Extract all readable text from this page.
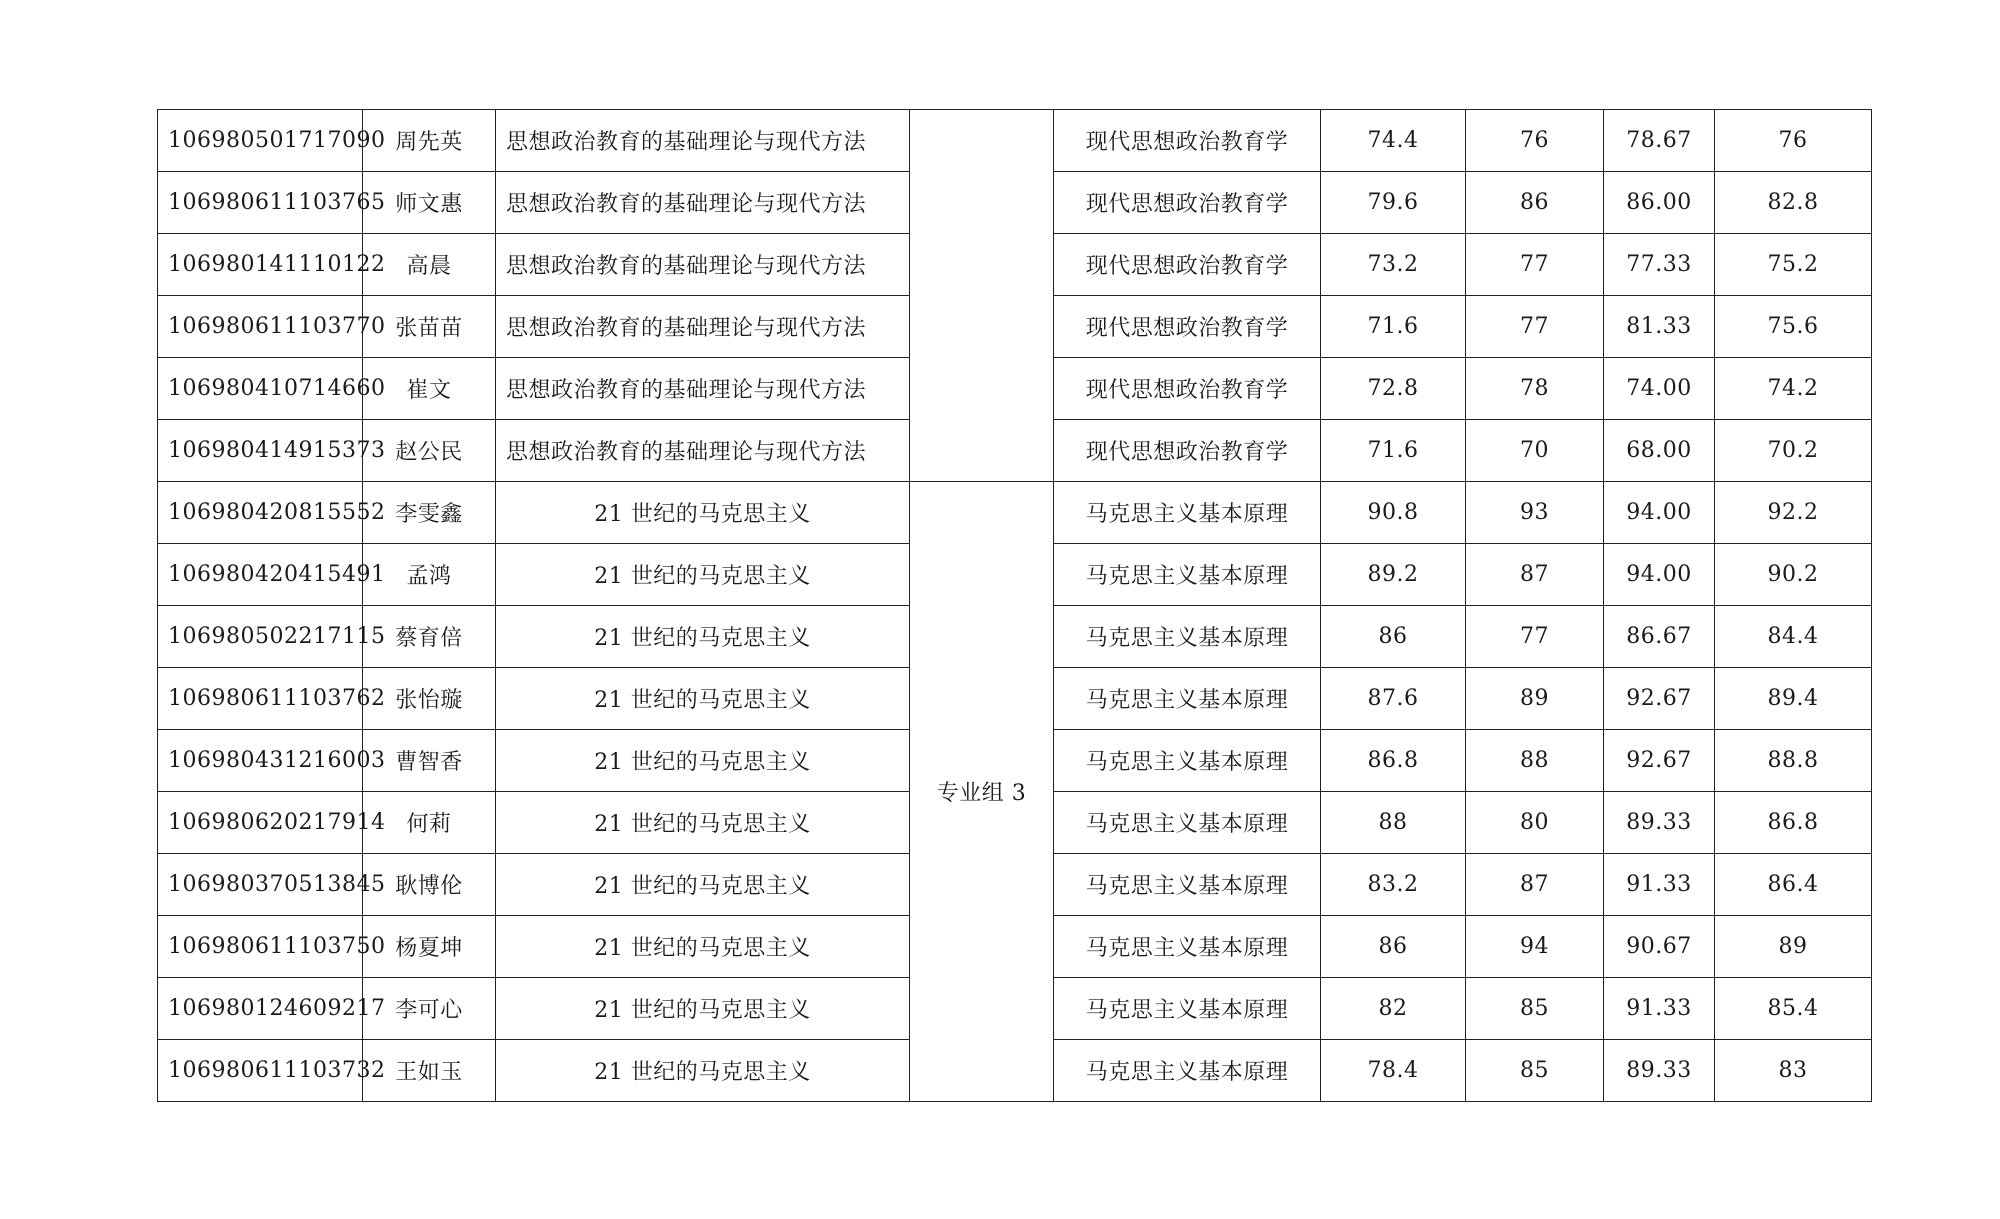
106980501717090	周先英	思想政治教育的基础理论与现代方法		现代思想政治教育学	74.4	76	78.67	76
106980611103765	师文惠	思想政治教育的基础理论与现代方法		现代思想政治教育学	79.6	86	86.00	82.8
106980141110122	高晨	思想政治教育的基础理论与现代方法		现代思想政治教育学	73.2	77	77.33	75.2
106980611103770	张苗苗	思想政治教育的基础理论与现代方法		现代思想政治教育学	71.6	77	81.33	75.6
106980410714660	崔文	思想政治教育的基础理论与现代方法		现代思想政治教育学	72.8	78	74.00	74.2
106980414915373	赵公民	思想政治教育的基础理论与现代方法		现代思想政治教育学	71.6	70	68.00	70.2
106980420815552	李雯鑫	21 世纪的马克思主义	专业组 3	马克思主义基本原理	90.8	93	94.00	92.2
106980420415491	孟鸿	21 世纪的马克思主义		马克思主义基本原理	89.2	87	94.00	90.2
106980502217115	蔡育倍	21 世纪的马克思主义		马克思主义基本原理	86	77	86.67	84.4
106980611103762	张怡璇	21 世纪的马克思主义		马克思主义基本原理	87.6	89	92.67	89.4
106980431216003	曹智香	21 世纪的马克思主义		马克思主义基本原理	86.8	88	92.67	88.8
106980620217914	何莉	21 世纪的马克思主义		马克思主义基本原理	88	80	89.33	86.8
106980370513845	耿博伦	21 世纪的马克思主义		马克思主义基本原理	83.2	87	91.33	86.4
106980611103750	杨夏坤	21 世纪的马克思主义		马克思主义基本原理	86	94	90.67	89
106980124609217	李可心	21 世纪的马克思主义		马克思主义基本原理	82	85	91.33	85.4
106980611103732	王如玉	21 世纪的马克思主义		马克思主义基本原理	78.4	85	89.33	83
